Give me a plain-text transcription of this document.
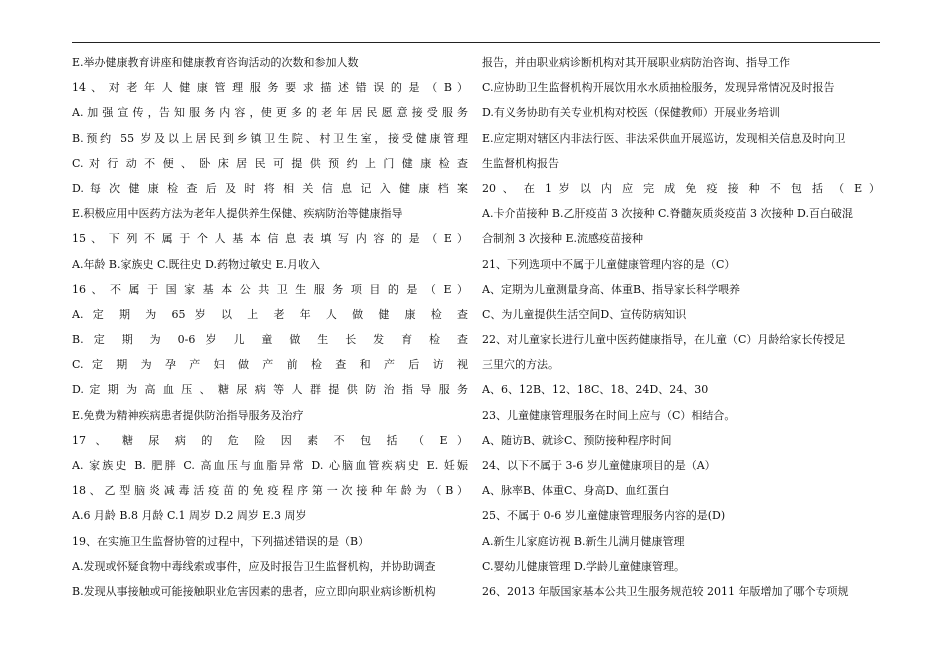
E.举办健康教育讲座和健康教育咨询活动的次数和参加人数
14 、 对 老 年 人 健 康 管 理 服 务 要 求 描 述 错 误 的 是 （ B ）
A. 加 强 宣 传 ，告 知 服 务 内 容 ，使 更 多 的 老 年 居 民 愿 意 接 受 服 务
B.预约 55 岁及以上居民到乡镇卫生院、村卫生室，接受健康管理
C. 对 行 动 不 便 、 卧 床 居 民 可 提 供 预 约 上 门 健 康 检 查
D. 每 次 健 康 检 查 后 及 时 将 相 关 信 息 记 入 健 康 档 案
E.积极应用中医药方法为老年人提供养生保健、疾病防治等健康指导
15 、 下 列 不 属 于 个 人 基 本 信 息 表 填 写 内 容 的 是 （ E ）
A.年龄 B.家族史 C.既往史 D.药物过敏史 E.月收入
16 、 不 属 于 国 家 基 本 公 共 卫 生 服 务 项 目 的 是 （ E ）
A. 定 期 为 65 岁 以 上 老 年 人 做 健 康 检 查
B. 定 期 为 0-6 岁 儿 童 做 生 长 发 育 检 查
C. 定 期 为 孕 产 妇 做 产 前 检 查 和 产 后 访 视
D. 定 期 为 高 血 压 、 糖 尿 病 等 人 群 提 供 防 治 指 导 服 务
E.免费为精神疾病患者提供防治指导服务及治疗
17 、 糖 尿 病 的 危 险 因 素 不 包 括 （ E ）
A. 家族史 B. 肥胖 C. 高血压与血脂异常 D. 心脑血管疾病史 E. 妊娠
18 、 乙 型 脑 炎 减 毒 活 疫 苗 的 免 疫 程 序 第 一 次 接 种 年 龄 为 （ B ）
A.6 月龄 B.8 月龄 C.1 周岁 D.2 周岁 E.3 周岁
19、在实施卫生监督协管的过程中，下列描述错误的是（B）
A.发现或怀疑食物中毒线索或事件，应及时报告卫生监督机构，并协助调查
B.发现从事接触或可能接触职业危害因素的患者，应立即向职业病诊断机构
报告，并由职业病诊断机构对其开展职业病防治咨询、指导工作
C.应协助卫生监督机构开展饮用水水质抽检服务，发现异常情况及时报告
D.有义务协助有关专业机构对校医（保健教师）开展业务培训
E.应定期对辖区内非法行医、非法采供血开展巡访，发现相关信息及时向卫
生监督机构报告
20 、 在 1 岁 以 内 应 完 成 免 疫 接 种 不 包 括 （ E ）
A.卡介苗接种 B.乙肝疫苗 3 次接种 C.脊髓灰质炎疫苗 3 次接种 D.百白破混
合制剂 3 次接种 E.流感疫苗接种
21、下列选项中不属于儿童健康管理内容的是（C）
A、定期为儿童测量身高、体重B、指导家长科学喂养
C、为儿童提供生活空间D、宣传防病知识
22、对儿童家长进行儿童中医药健康指导，在儿童（C）月龄给家长传授足
三里穴的方法。
A、6、12B、12、18C、18、24D、24、30
23、儿童健康管理服务在时间上应与（C）相结合。
A、随访B、就诊C、预防接种程序时间
24、以下不属于 3-6 岁儿童健康项目的是（A）
A、脉率B、体重C、身高D、血红蛋白
25、不属于 0-6 岁儿童健康管理服务内容的是(D)
A.新生儿家庭访视 B.新生儿满月健康管理
C.婴幼儿健康管理 D.学龄儿童健康管理。
26、2013 年版国家基本公共卫生服务规范较 2011 年版增加了哪个专项规
